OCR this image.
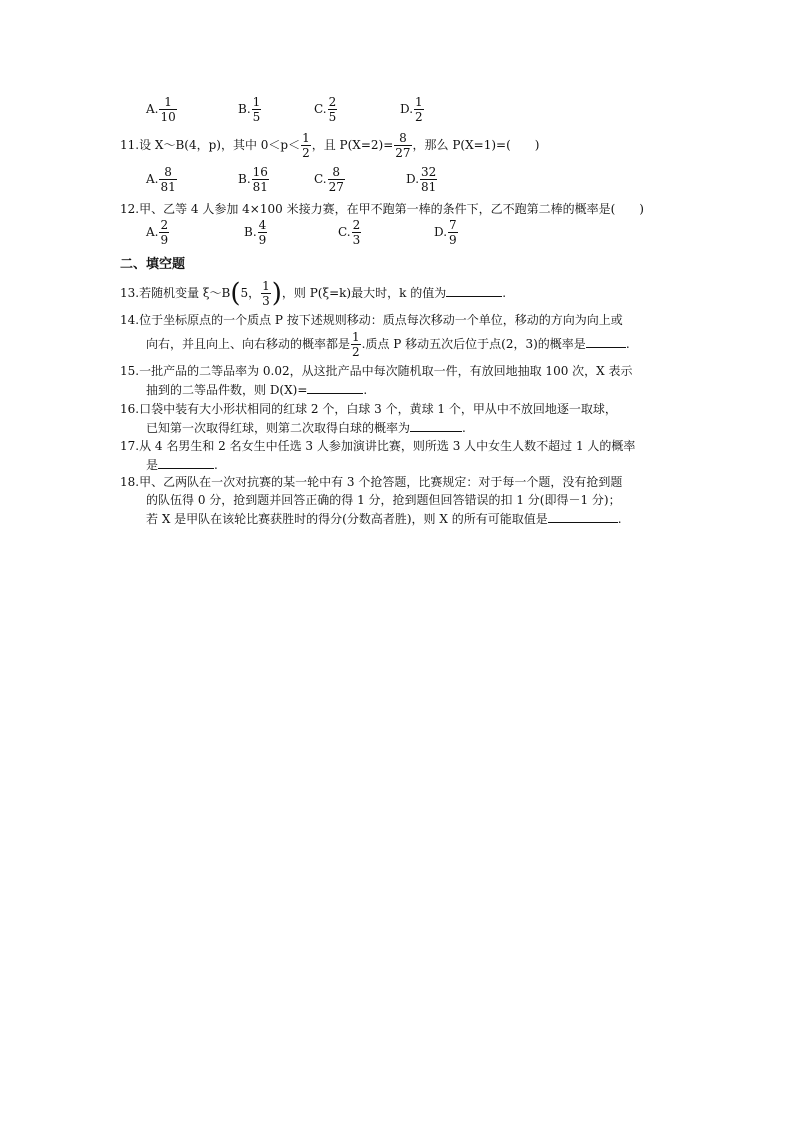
A. $\frac{1}{10}$	B. $\frac{1}{5}$	C. $\frac{2}{5}$	D. $\frac{1}{2}$
11.设 X～B(4，p)，其中 $0<p< \frac{1}{2}$ ，且 $P(X=2)= \frac{8}{27}$ ，那么 P(X=1)=(　　)
A. $\frac{8}{81}$	B. $\frac{16}{81}$	C. $\frac{8}{27}$	D. $\frac{32}{81}$
12.甲、乙等 4 人参加 4×100 米接力赛，在甲不跑第一棒的条件下，乙不跑第二棒的概率是(　　)
A. $\frac{2}{9}$	B. $\frac{4}{9}$	C. $\frac{2}{3}$	D. $\frac{7}{9}$
二、填空题
13.若随机变量 ξ～B(5， $\frac{1}{3}$ )，则 P(ξ=k)最大时，k 的值为	.
14.位于坐标原点的一个质点 P 按下述规则移动：质点每次移动一个单位，移动的方向为向上或
向右，并且向上、向右移动的概率都是 $\frac{1}{2}$ .质点 P 移动五次后位于点(2，3)的概率是	.
15.一批产品的二等品率为 0.02，从这批产品中每次随机取一件，有放回地抽取 100 次，X 表示
抽到的二等品件数，则 D(X)=	.
16.口袋中装有大小形状相同的红球 2 个，白球 3 个，黄球 1 个，甲从中不放回地逐一取球，
已知第一次取得红球，则第二次取得白球的概率为	.
17.从 4 名男生和 2 名女生中任选 3 人参加演讲比赛，则所选 3 人中女生人数不超过 1 人的概率
是	.
18.甲、乙两队在一次对抗赛的某一轮中有 3 个抢答题，比赛规定：对于每一个题，没有抢到题
的队伍得 0 分，抢到题并回答正确的得 1 分，抢到题但回答错误的扣 1 分(即得－1 分)；
若 X 是甲队在该轮比赛获胜时的得分(分数高者胜)，则 X 的所有可能取值是	.
